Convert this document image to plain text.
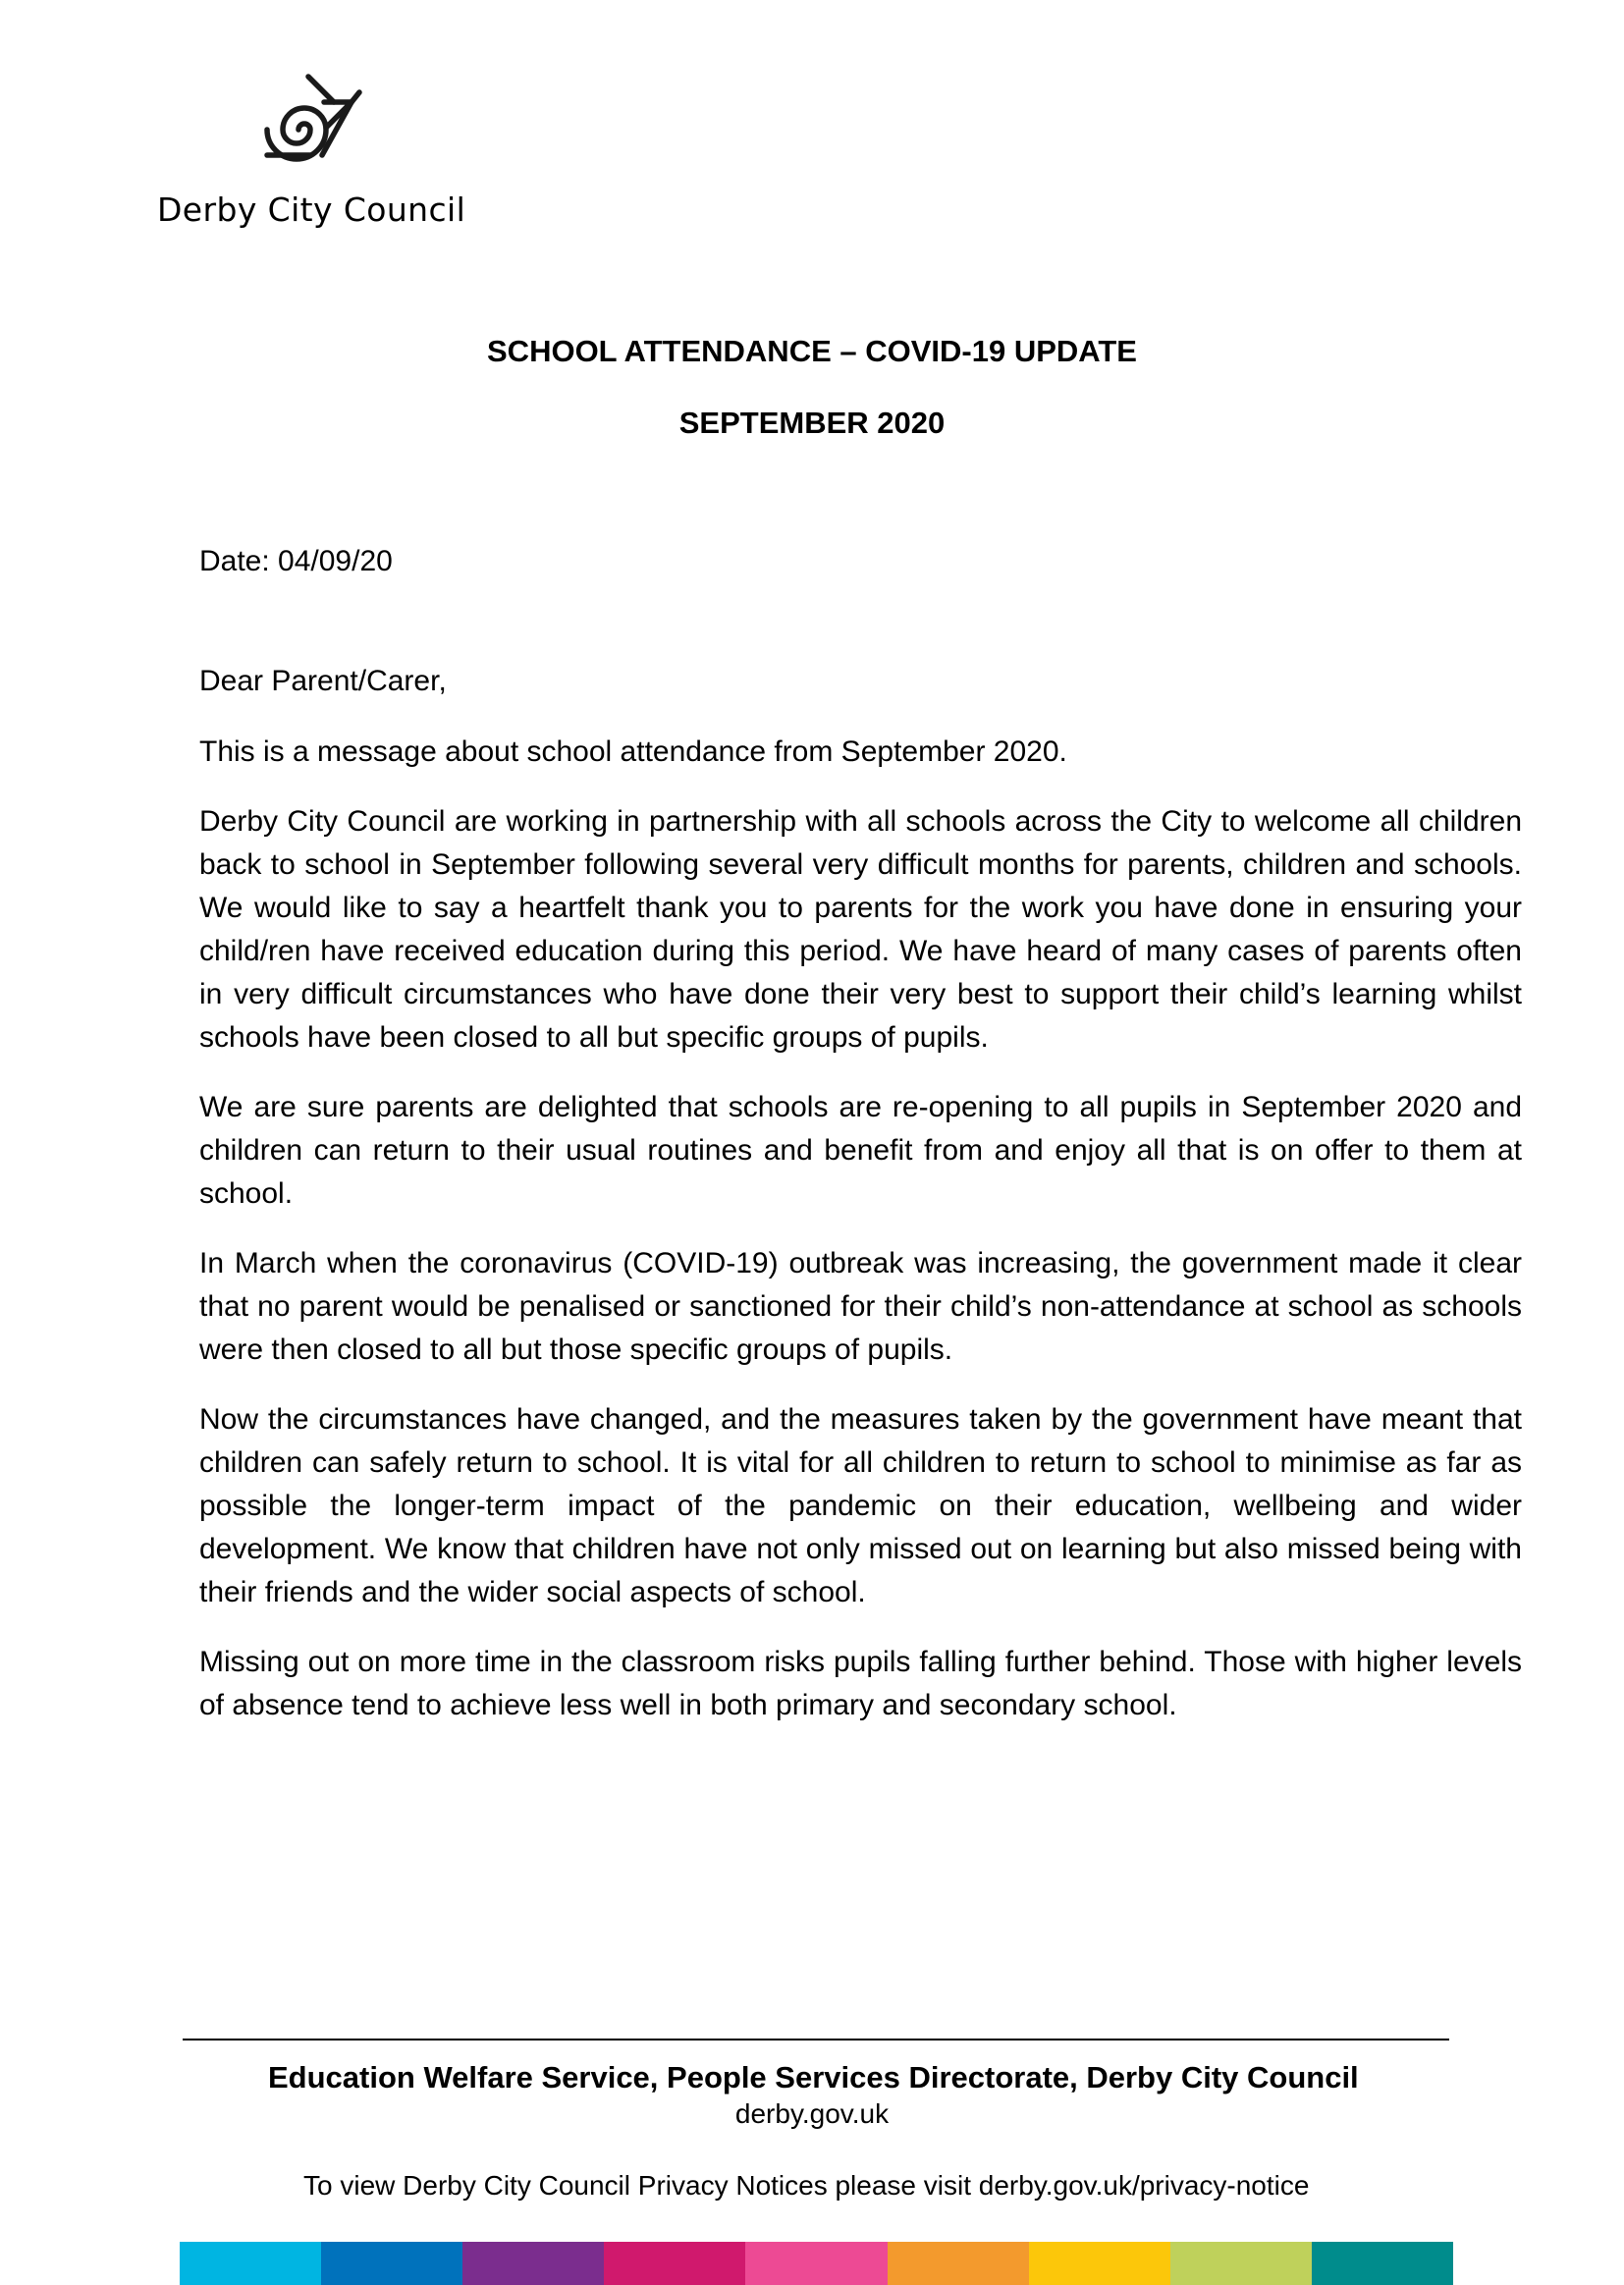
Derby City Council
SCHOOL ATTENDANCE – COVID-19 UPDATE
SEPTEMBER 2020
Date: 04/09/20
Dear Parent/Carer,

This is a message about school attendance from September 2020.

Derby City Council are working in partnership with all schools across the City to welcome all children back to school in September following several very difficult months for parents, children and schools. We would like to say a heartfelt thank you to parents for the work you have done in ensuring your child/ren have received education during this period. We have heard of many cases of parents often in very difficult circumstances who have done their very best to support their child’s learning whilst schools have been closed to all but specific groups of pupils.

We are sure parents are delighted that schools are re-opening to all pupils in September 2020 and children can return to their usual routines and benefit from and enjoy all that is on offer to them at school.

In March when the coronavirus (COVID-19) outbreak was increasing, the government made it clear that no parent would be penalised or sanctioned for their child’s non-attendance at school as schools were then closed to all but those specific groups of pupils.

Now the circumstances have changed, and the measures taken by the government have meant that children can safely return to school. It is vital for all children to return to school to minimise as far as possible the longer-term impact of the pandemic on their education, wellbeing and wider development. We know that children have not only missed out on learning but also missed being with their friends and the wider social aspects of school.

Missing out on more time in the classroom risks pupils falling further behind. Those with higher levels of absence tend to achieve less well in both primary and secondary school.

Education Welfare Service, People Services Directorate, Derby City Council
derby.gov.uk
To view Derby City Council Privacy Notices please visit derby.gov.uk/privacy-notice
